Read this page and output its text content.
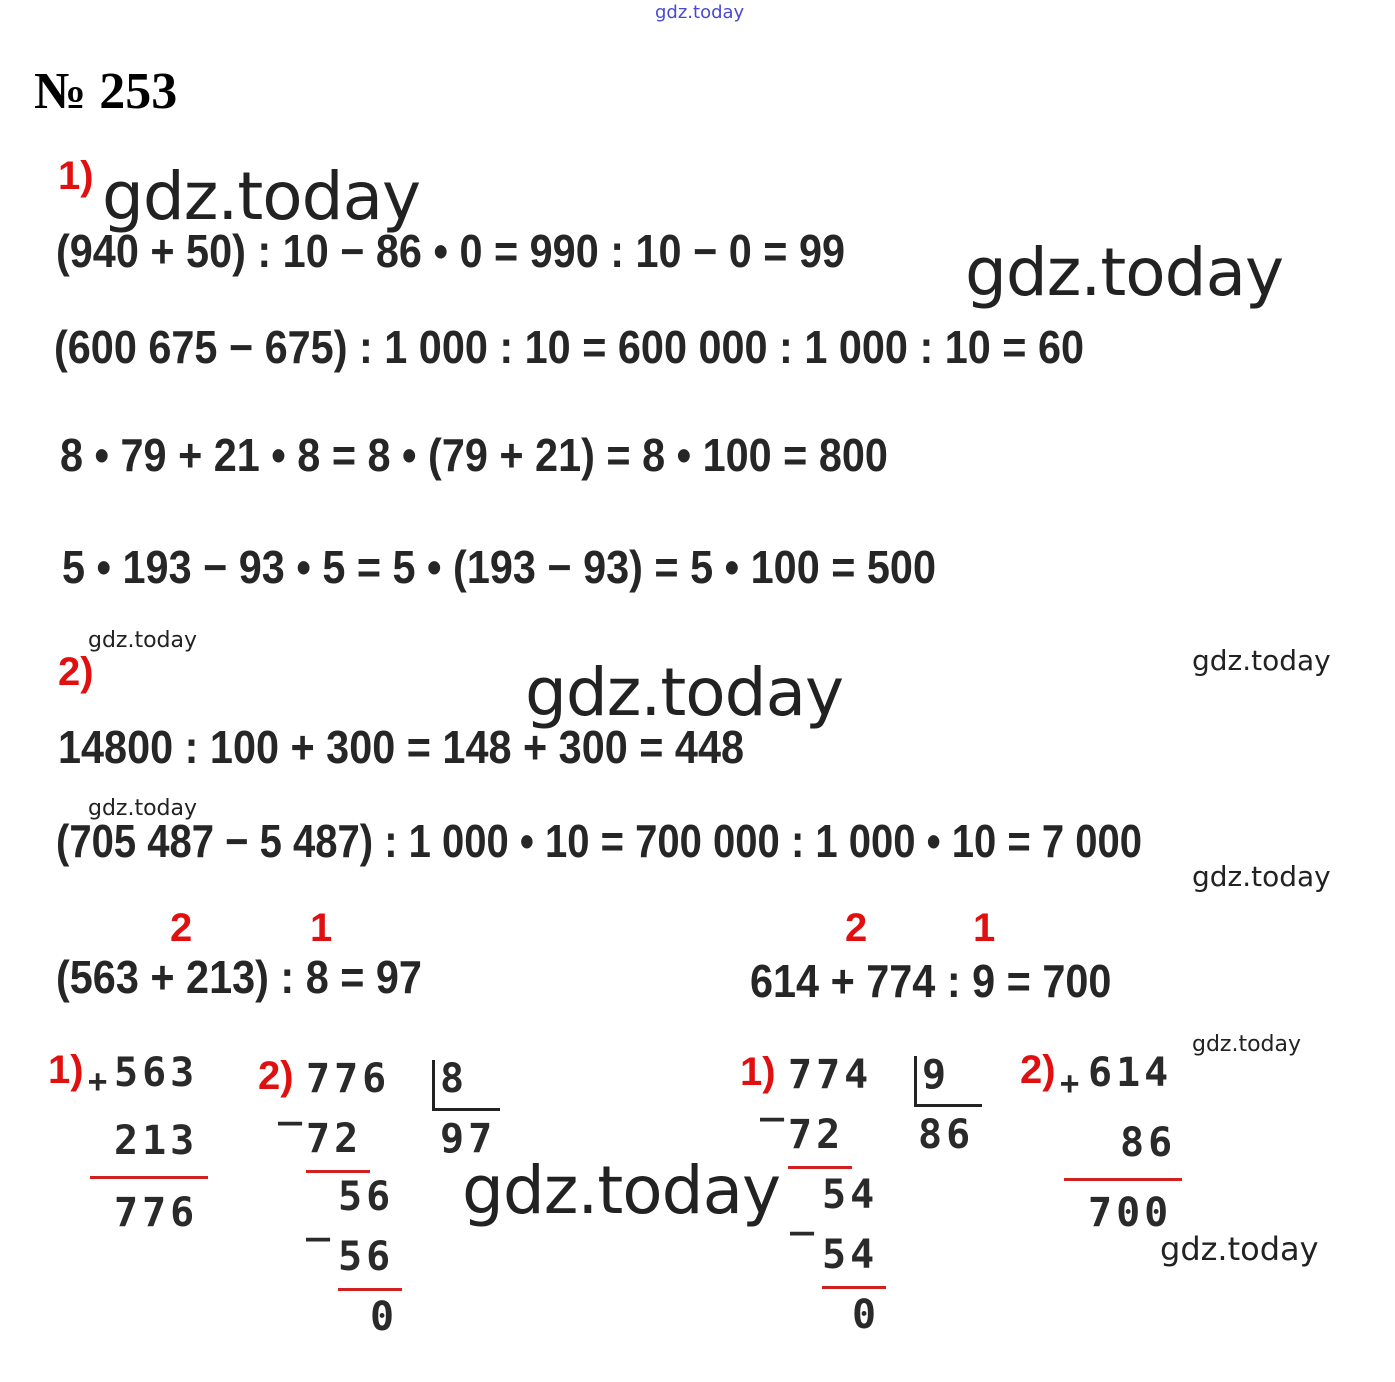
gdz.today
№ 253
1)
(940 + 50) : 10 − 86 • 0 = 990 : 10 − 0 = 99
(600 675 − 675) : 1 000 : 10 = 600 000 : 1 000 : 10 = 60
8 • 79 + 21 • 8 = 8 • (79 + 21) = 8 • 100 = 800
5 • 193 − 93 • 5 = 5 • (193 − 93) = 5 • 100 = 500
2)
14800 : 100 + 300 = 148 + 300 = 448
(705 487 − 5 487) : 1 000 • 10 = 700 000 : 1 000 • 10 = 7 000
2	1
(563 + 213) : 8 = 97
2	1
614 + 774 : 9 = 700
1) + 563
213
776
2) 776 8
97
_
72
_ 56
56
0
1) 774 9
86
_
72
_ 54
54
0
2) + 614
86
700
gdz.today
gdz.today
gdz.today
gdz.today
gdz.today
gdz.today
gdz.today
gdz.today
gdz.today
gdz.today
